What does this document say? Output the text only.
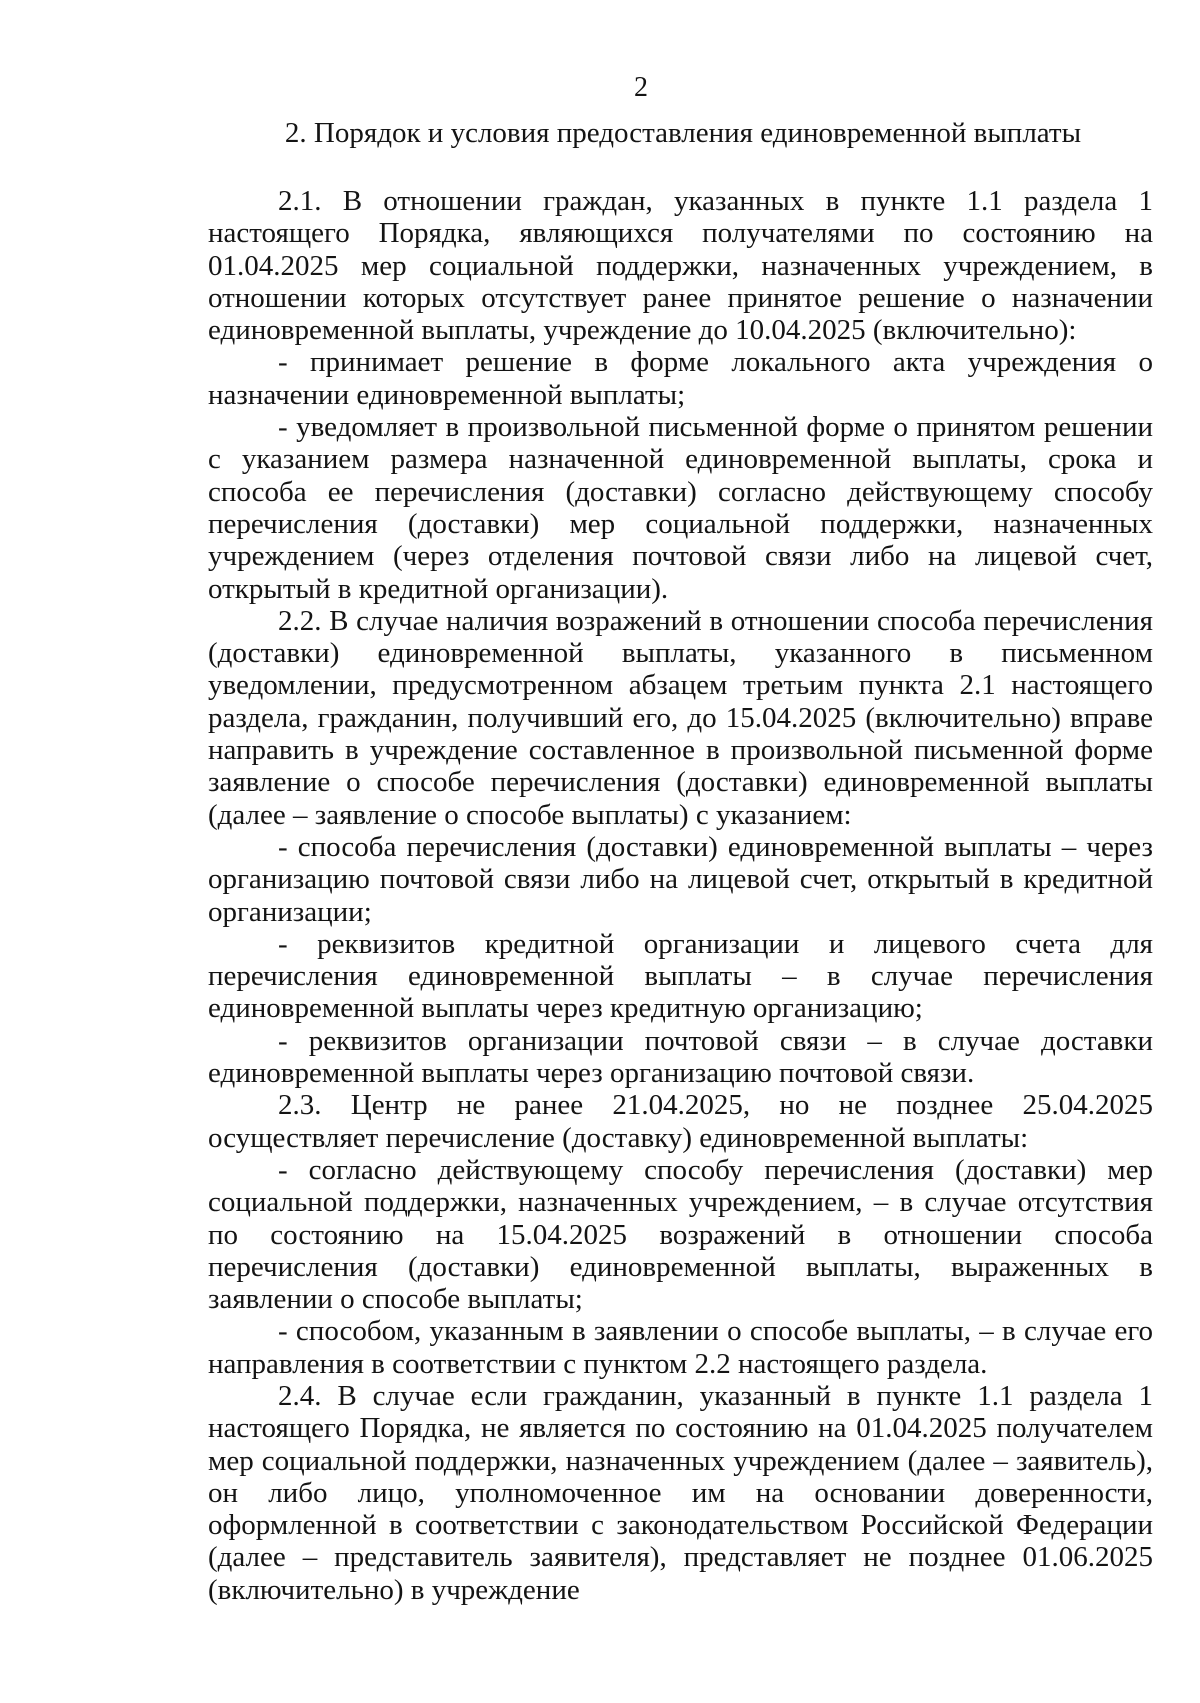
2
2. Порядок и условия предоставления единовременной выплаты

2.1. В отношении граждан, указанных в пункте 1.1 раздела 1 настоящего Порядка, являющихся получателями по состоянию на 01.04.2025 мер социальной поддержки, назначенных учреждением, в отношении которых отсутствует ранее принятое решение о назначении единовременной выплаты, учреждение до 10.04.2025 (включительно):

- принимает решение в форме локального акта учреждения о назначении единовременной выплаты;

- уведомляет в произвольной письменной форме о принятом решении с указанием размера назначенной единовременной выплаты, срока и способа ее перечисления (доставки) согласно действующему способу перечисления (доставки) мер социальной поддержки, назначенных учреждением (через отделения почтовой связи либо на лицевой счет, открытый в кредитной организации).

2.2. В случае наличия возражений в отношении способа перечисления (доставки) единовременной выплаты, указанного в письменном уведомлении, предусмотренном абзацем третьим пункта 2.1 настоящего раздела, гражданин, получивший его, до 15.04.2025 (включительно) вправе направить в учреждение составленное в произвольной письменной форме заявление о способе перечисления (доставки) единовременной выплаты (далее – заявление о способе выплаты) с указанием:

- способа перечисления (доставки) единовременной выплаты – через организацию почтовой связи либо на лицевой счет, открытый в кредитной организации;

- реквизитов кредитной организации и лицевого счета для перечисления единовременной выплаты – в случае перечисления единовременной выплаты через кредитную организацию;

- реквизитов организации почтовой связи – в случае доставки единовременной выплаты через организацию почтовой связи.

2.3. Центр не ранее 21.04.2025, но не позднее 25.04.2025 осуществляет перечисление (доставку) единовременной выплаты:

- согласно действующему способу перечисления (доставки) мер социальной поддержки, назначенных учреждением, – в случае отсутствия по состоянию на 15.04.2025 возражений в отношении способа перечисления (доставки) единовременной выплаты, выраженных в заявлении о способе выплаты;

- способом, указанным в заявлении о способе выплаты, – в случае его направления в соответствии с пунктом 2.2 настоящего раздела.

2.4. В случае если гражданин, указанный в пункте 1.1 раздела 1 настоящего Порядка, не является по состоянию на 01.04.2025 получателем мер социальной поддержки, назначенных учреждением (далее – заявитель), он либо лицо, уполномоченное им на основании доверенности, оформленной в соответствии с законодательством Российской Федерации (далее – представитель заявителя), представляет не позднее 01.06.2025 (включительно) в учреждение
